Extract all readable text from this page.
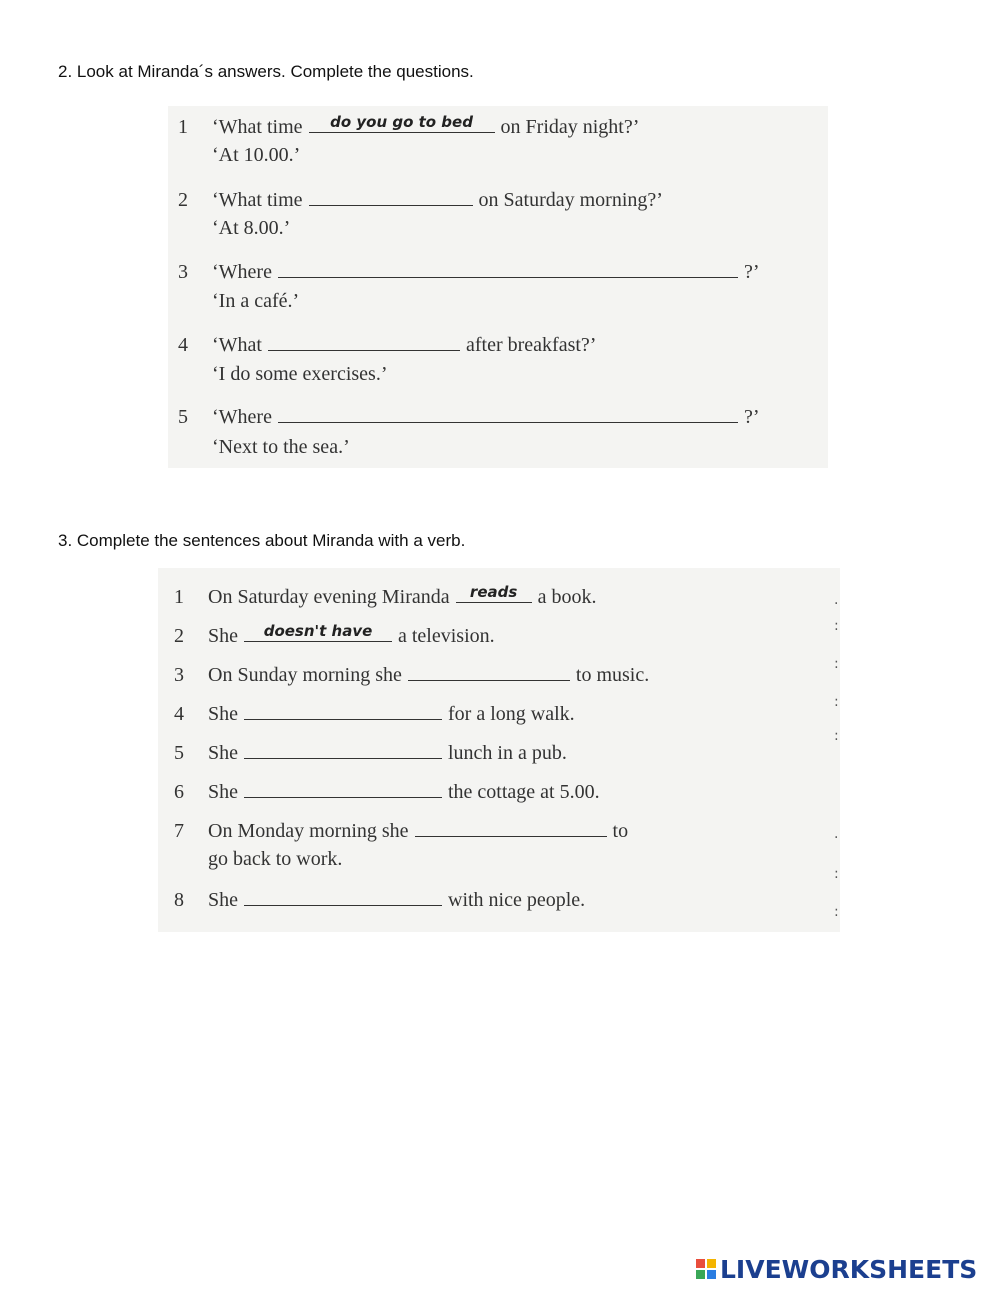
2. Look at Miranda´s answers. Complete the questions.
1 ‘What time	do you go to bed	on Friday night?’
‘At 10.00.’
2 ‘What time	on Saturday morning?’
‘At 8.00.’
3 ‘Where	?’
‘In a café.’
4 ‘What	after breakfast?’
‘I do some exercises.’
5 ‘Where	?’
‘Next to the sea.’
3. Complete the sentences about Miranda with a verb.
1 On Saturday evening Miranda	reads	a book.
2 She	doesn't have	a television.
3 On Sunday morning she	to music.
4 She	for a long walk.
5 She	lunch in a pub.
6 She	the cottage at 5.00.
7 On Monday morning she	to
go back to work.
8 She	with nice people.
.
:
:
:
:
.
:
:
LIVEWORKSHEETS
